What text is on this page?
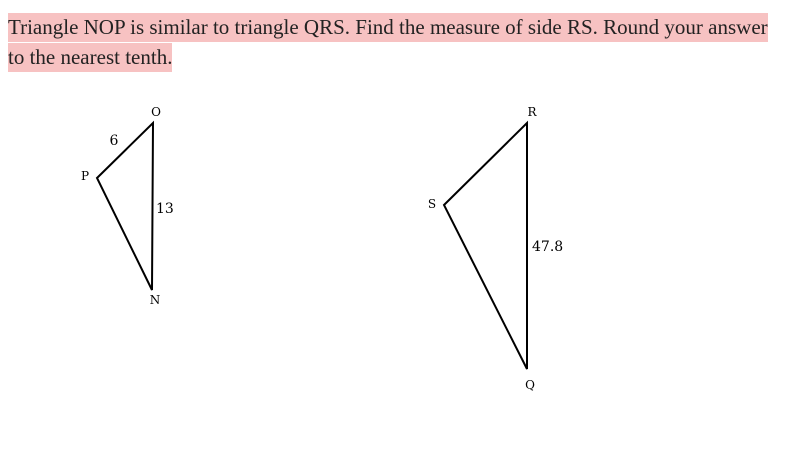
Triangle NOP is similar to triangle QRS. Find the measure of side RS. Round your answer to the nearest tenth.
O
P
N
6
13
R
S
Q
47.8
